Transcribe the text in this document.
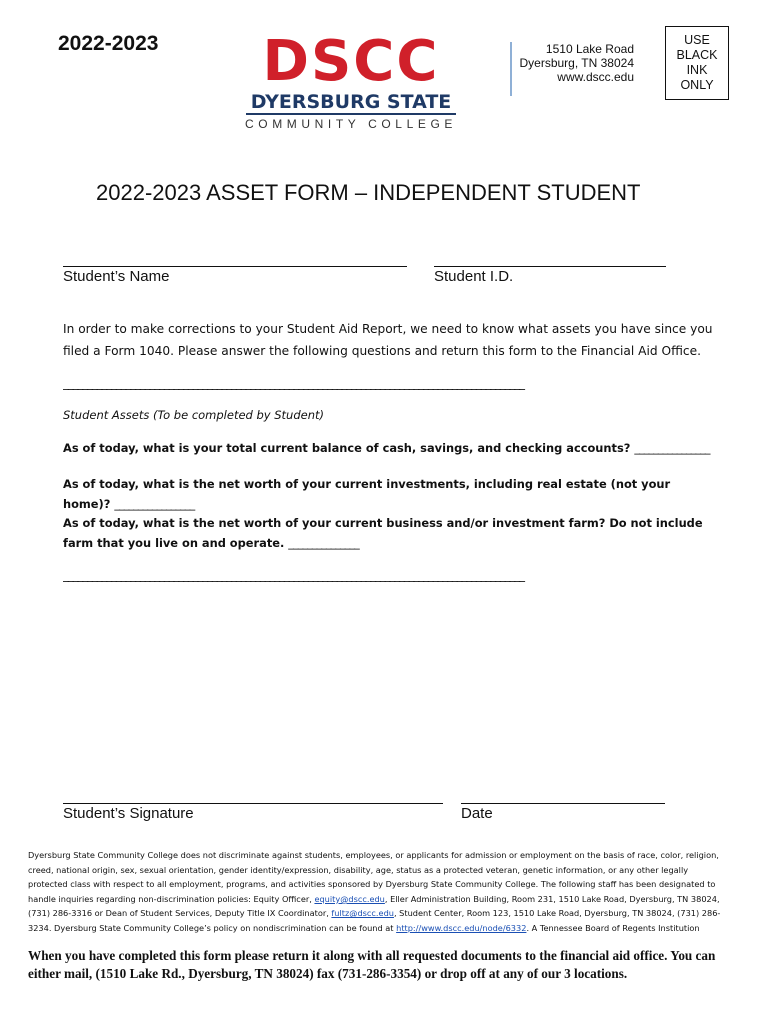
2022-2023	DSCC
DYERSBURG STATE
COMMUNITY COLLEGE
1510 Lake Road
Dyersburg, TN 38024
www.dscc.edu
USE
BLACK
INK
ONLY
2022-2023 ASSET FORM – INDEPENDENT STUDENT
Student’s Name	Student I.D.
In order to make corrections to your Student Aid Report, we need to know what assets you have since you filed a Form 1040. Please answer the following questions and return this form to the Financial Aid Office.
________________________________________________________________________________________________
Student Assets (To be completed by Student)
As of today, what is your total current balance of cash, savings, and checking accounts? ________________
As of today, what is the net worth of your current investments, including real estate (not your home)? _________________
As of today, what is the net worth of your current business and/or investment farm? Do not include farm that you live on and operate. _______________
________________________________________________________________________________________________
Student’s Signature	Date
Dyersburg State Community College does not discriminate against students, employees, or applicants for admission or employment on the basis of race, color, religion, creed, national origin, sex, sexual orientation, gender identity/expression, disability, age, status as a protected veteran, genetic information, or any other legally protected class with respect to all employment, programs, and activities sponsored by Dyersburg State Community College. The following staff has been designated to handle inquiries regarding non-discrimination policies: Equity Officer, equity@dscc.edu, Eller Administration Building, Room 231, 1510 Lake Road, Dyersburg, TN 38024, (731) 286-3316 or Dean of Student Services, Deputy Title IX Coordinator, fultz@dscc.edu, Student Center, Room 123, 1510 Lake Road, Dyersburg, TN 38024, (731) 286-3234. Dyersburg State Community College’s policy on nondiscrimination can be found at http://www.dscc.edu/node/6332. A Tennessee Board of Regents Institution
When you have completed this form please return it along with all requested documents to the financial aid office. You can either mail, (1510 Lake Rd., Dyersburg, TN 38024) fax (731-286-3354) or drop off at any of our 3 locations.
